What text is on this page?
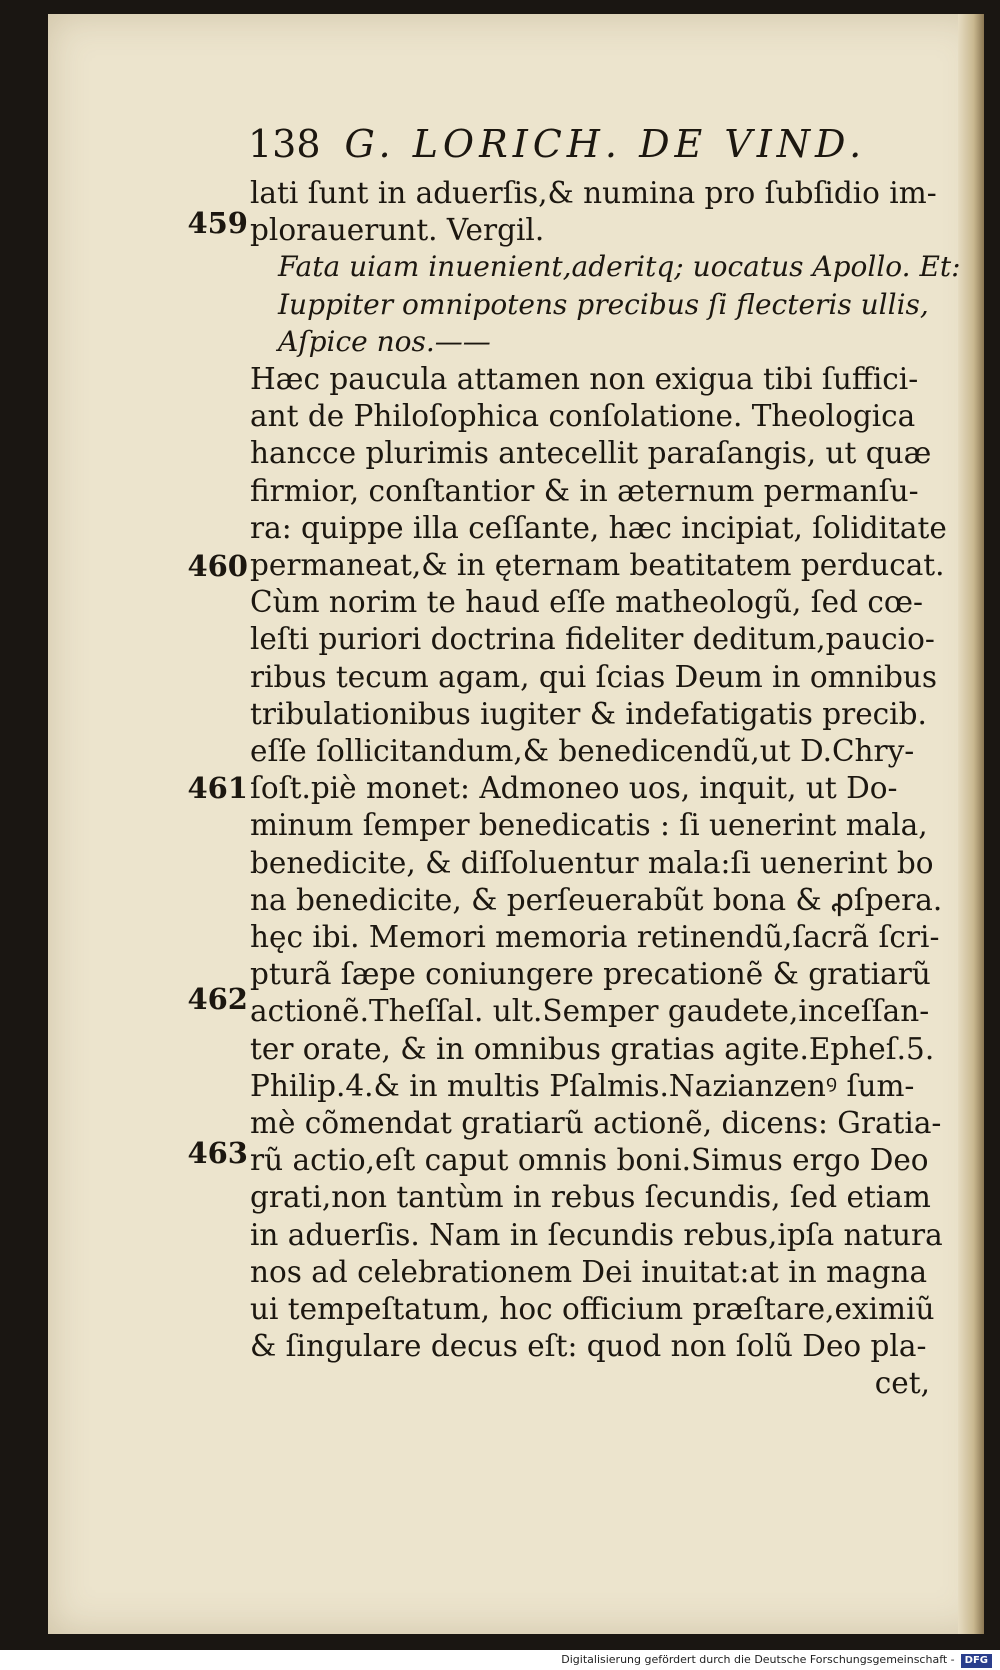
138 G. LORICH. DE VIND.
459
460
461
462
463
lati ſunt in aduerſis,& numina pro ſubſidio im-
plorauerunt. Vergil.
Fata uiam inuenient,aderitq; uocatus Apollo. Et:
Iuppiter omnipotens precibus ſi flecteris ullis,
Aſpice nos.——
Hæc paucula attamen non exigua tibi ſuffici-
ant de Philoſophica conſolatione. Theologica
hancce plurimis antecellit paraſangis, ut quæ
firmior, conſtantior & in æternum permanſu-
ra: quippe illa ceſſante, hæc incipiat, ſoliditate
permaneat,& in ęternam beatitatem perducat.
Cùm norim te haud eſſe matheologũ, ſed cœ-
leſti puriori doctrina fideliter deditum,paucio-
ribus tecum agam, qui ſcias Deum in omnibus
tribulationibus iugiter & indefatigatis precib.
eſſe ſollicitandum,& benedicendũ,ut D.Chry-
ſoſt.piè monet: Admoneo uos, inquit, ut Do-
minum ſemper benedicatis : ſi uenerint mala,
benedicite, & diſſoluentur mala:ſi uenerint bo
na benedicite, & perſeuerabũt bona & ꝓſpera.
hęc ibi. Memori memoria retinendũ,ſacrã ſcri-
pturã ſæpe coniungere precationẽ & gratiarũ
actionẽ.Theſſal. ult.Semper gaudete,inceſſan-
ter orate, & in omnibus gratias agite.Epheſ.5.
Philip.4.& in multis Pſalmis.Nazianzenꝰ ſum-
mè cõmendat gratiarũ actionẽ, dicens: Gratia-
rũ actio,eſt caput omnis boni.Simus ergo Deo
grati,non tantùm in rebus ſecundis, ſed etiam
in aduerſis. Nam in ſecundis rebus,ipſa natura
nos ad celebrationem Dei inuitat:at in magna
ui tempeſtatum, hoc officium præſtare,eximiũ
& ſingulare decus eſt: quod non ſolũ Deo pla-
cet,
Digitalisierung gefördert durch die Deutsche Forschungsgemeinschaft - DFG
